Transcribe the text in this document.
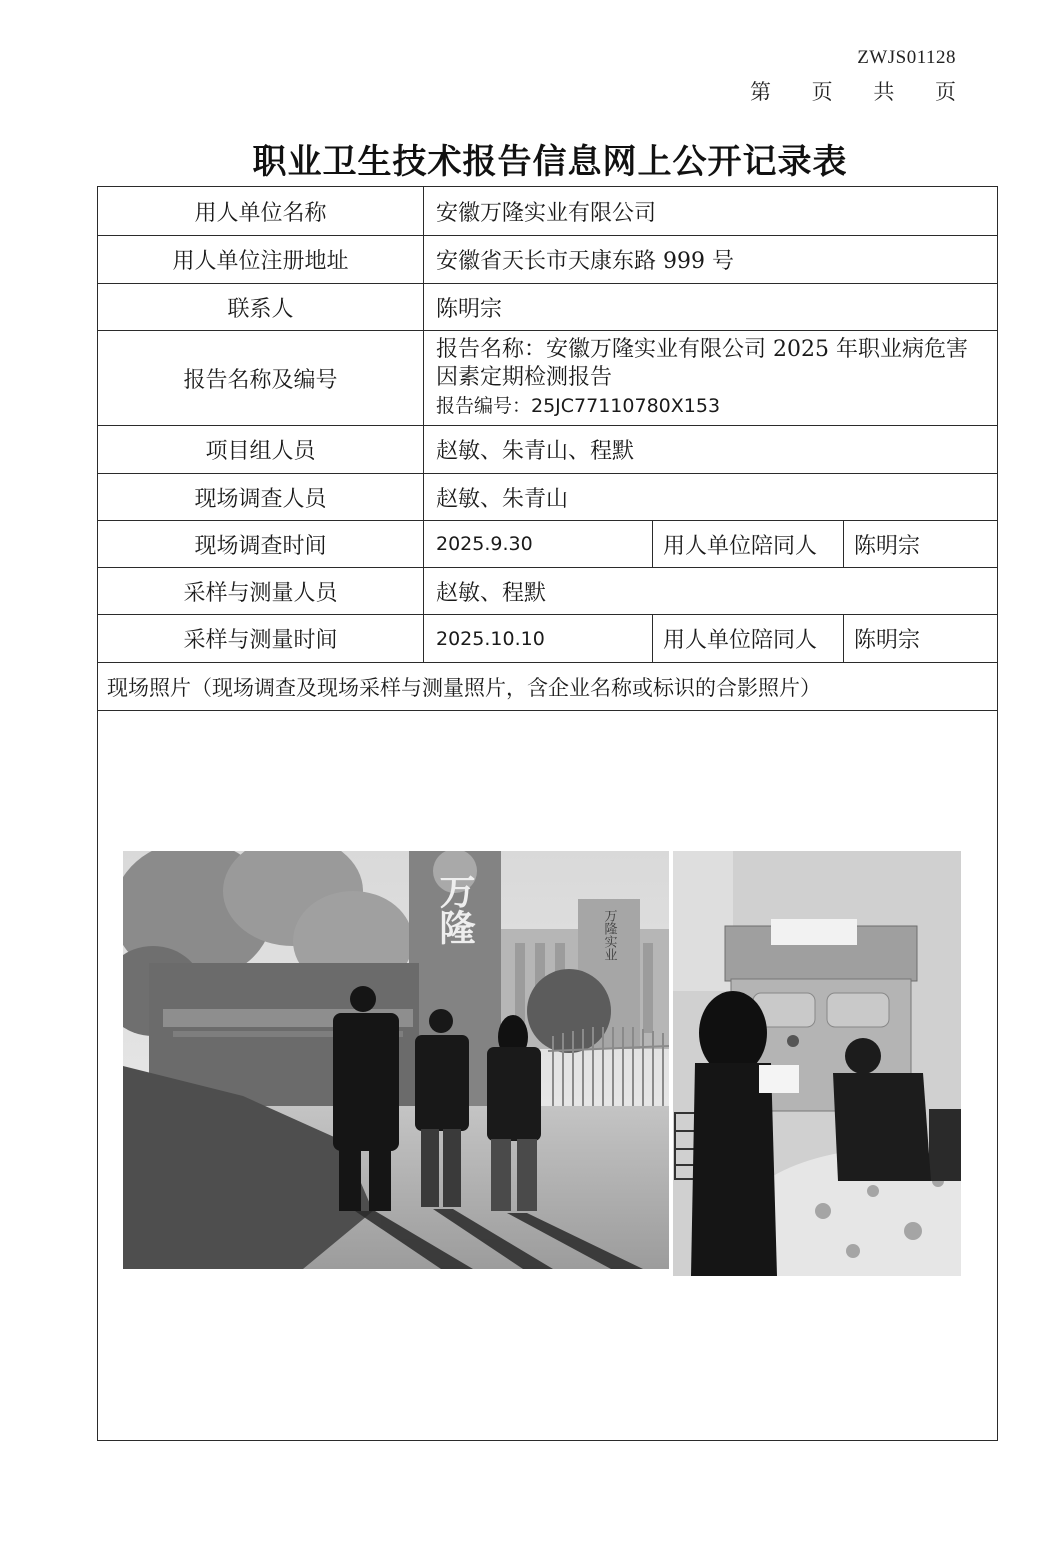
ZWJS01128
第 页 共 页
职业卫生技术报告信息网上公开记录表
用人单位名称	安徽万隆实业有限公司		
用人单位注册地址	安徽省天长市天康东路 999 号		
联系人	陈明宗		
报告名称及编号	报告名称：安徽万隆实业有限公司 2025 年职业病危害
因素定期检测报告
报告编号：25JC77110780X153		

项目组人员	赵敏、朱青山、程默		
现场调查人员	赵敏、朱青山		
现场调查时间	2025.9.30	用人单位陪同人	陈明宗
采样与测量人员	赵敏、程默		
采样与测量时间	2025.10.10	用人单位陪同人	陈明宗
现场照片（现场调查及现场采样与测量照片，含企业名称或标识的合影照片）			

万隆实业
万隆			
